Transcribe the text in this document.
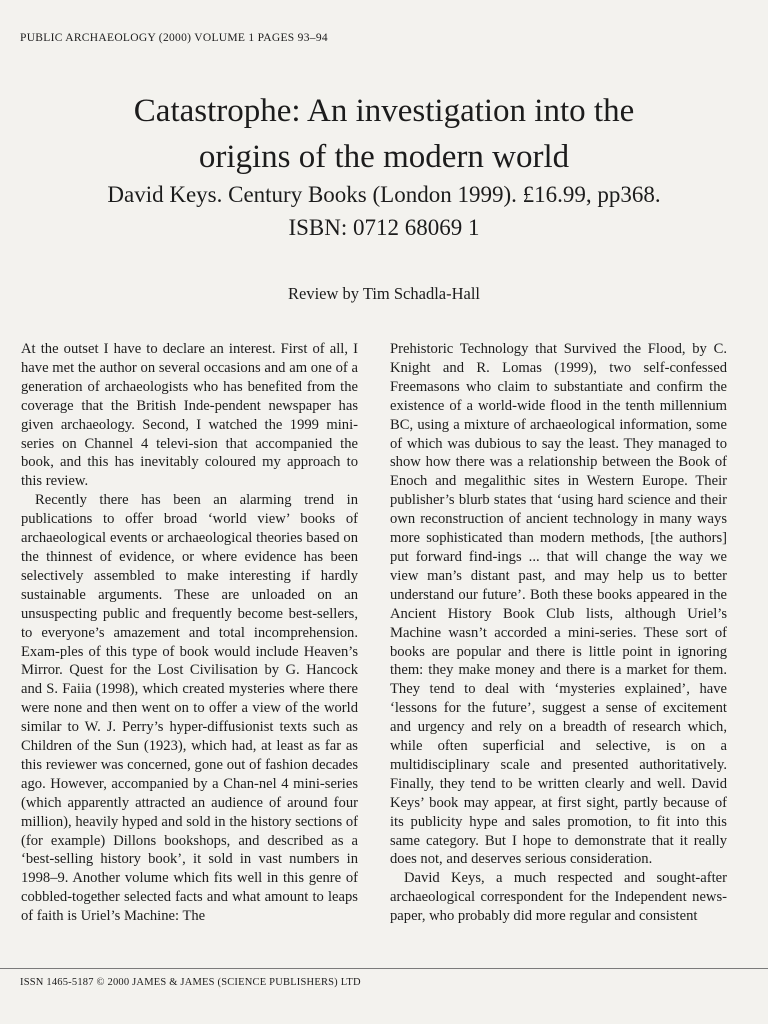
PUBLIC ARCHAEOLOGY (2000) VOLUME 1 PAGES 93–94
Catastrophe: An investigation into the
origins of the modern world
David Keys. Century Books (London 1999). £16.99, pp368.
ISBN: 0712 68069 1
Review by Tim Schadla-Hall

At the outset I have to declare an interest. First of all, I have met the author on several occasions and am one of a generation of archaeologists who has benefited from the coverage that the British Inde-pendent newspaper has given archaeology. Second, I watched the 1999 mini-series on Channel 4 televi-sion that accompanied the book, and this has inevitably coloured my approach to this review.

Recently there has been an alarming trend in publications to offer broad ‘world view’ books of archaeological events or archaeological theories based on the thinnest of evidence, or where evidence has been selectively assembled to make interesting if hardly sustainable arguments. These are unloaded on an unsuspecting public and frequently become best-sellers, to everyone’s amazement and total incomprehension. Exam-ples of this type of book would include Heaven’s Mirror. Quest for the Lost Civilisation by G. Hancock and S. Faiia (1998), which created mysteries where there were none and then went on to offer a view of the world similar to W. J. Perry’s hyper-diffusionist texts such as Children of the Sun (1923), which had, at least as far as this reviewer was concerned, gone out of fashion decades ago. However, accompanied by a Chan-nel 4 mini-series (which apparently attracted an audience of around four million), heavily hyped and sold in the history sections of (for example) Dillons bookshops, and described as a ‘best-selling history book’, it sold in vast numbers in 1998–9. Another volume which fits well in this genre of cobbled-together selected facts and what amount to leaps of faith is Uriel’s Machine: The

Prehistoric Technology that Survived the Flood, by C. Knight and R. Lomas (1999), two self-confessed Freemasons who claim to substantiate and confirm the existence of a world-wide flood in the tenth millennium BC, using a mixture of archaeological information, some of which was dubious to say the least. They managed to show how there was a relationship between the Book of Enoch and megalithic sites in Western Europe. Their publisher’s blurb states that ‘using hard science and their own reconstruction of ancient technology in many ways more sophisticated than modern methods, [the authors] put forward find-ings ... that will change the way we view man’s distant past, and may help us to better understand our future’. Both these books appeared in the Ancient History Book Club lists, although Uriel’s Machine wasn’t accorded a mini-series. These sort of books are popular and there is little point in ignoring them: they make money and there is a market for them. They tend to deal with ‘mysteries explained’, have ‘lessons for the future’, suggest a sense of excitement and urgency and rely on a breadth of research which, while often superficial and selective, is on a multidisciplinary scale and presented authoritatively. Finally, they tend to be written clearly and well. David Keys’ book may appear, at first sight, partly because of its publicity hype and sales promotion, to fit into this same category. But I hope to demonstrate that it really does not, and deserves serious consideration.

David Keys, a much respected and sought-after archaeological correspondent for the Independent news-paper, who probably did more regular and consistent

ISSN 1465-5187 © 2000 JAMES & JAMES (SCIENCE PUBLISHERS) LTD
